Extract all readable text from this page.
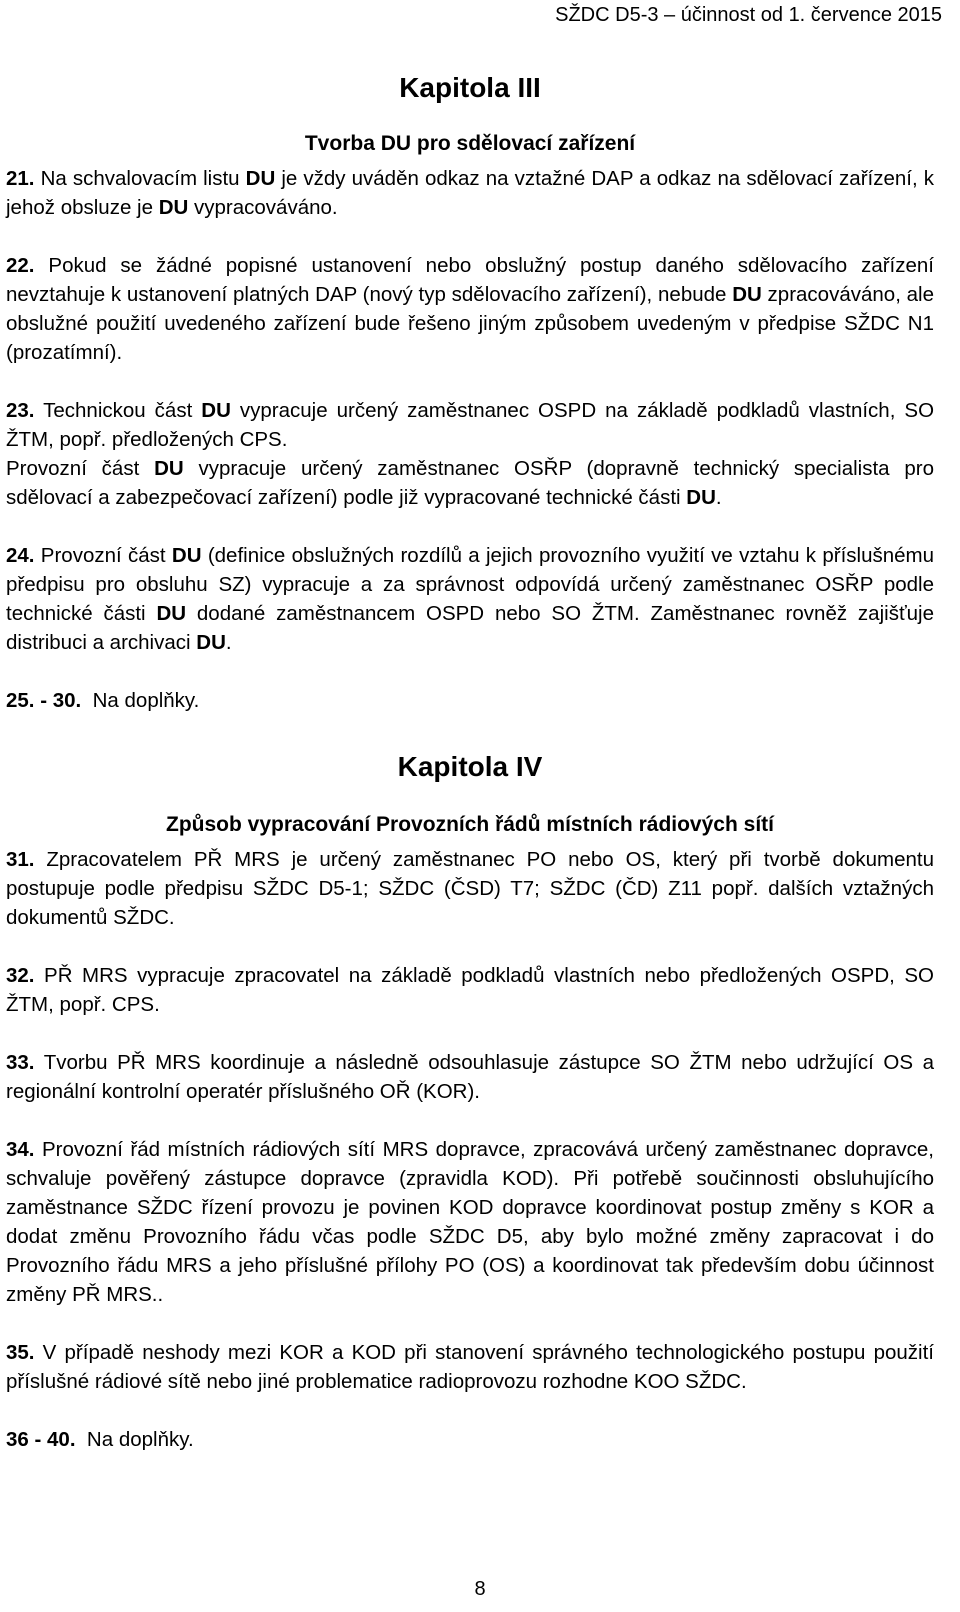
SŽDC D5-3 – účinnost od 1. července 2015
Kapitola III
Tvorba DU pro sdělovací zařízení

21. Na schvalovacím listu DU je vždy uváděn odkaz na vztažné DAP a odkaz na sdělovací zařízení, k jehož obsluze je DU vypracováváno.

22. Pokud se žádné popisné ustanovení nebo obslužný postup daného sdělovacího zařízení nevztahuje k ustanovení platných DAP (nový typ sdělovacího zařízení), nebude DU zpracováváno, ale obslužné použití uvedeného zařízení bude řešeno jiným způsobem uvedeným v předpise SŽDC N1 (prozatímní).

23. Technickou část DU vypracuje určený zaměstnanec OSPD na základě podkladů vlastních, SO ŽTM, popř. předložených CPS.

Provozní část DU vypracuje určený zaměstnanec OSŘP (dopravně technický specialista pro sdělovací a zabezpečovací zařízení) podle již vypracované technické části DU.

24. Provozní část DU (definice obslužných rozdílů a jejich provozního využití ve vztahu k příslušnému předpisu pro obsluhu SZ) vypracuje a za správnost odpovídá určený zaměstnanec OSŘP podle technické části DU dodané zaměstnancem OSPD nebo SO ŽTM. Zaměstnanec rovněž zajišťuje distribuci a archivaci DU.

25. - 30.  Na doplňky.

Kapitola IV
Způsob vypracování Provozních řádů místních rádiových sítí

31. Zpracovatelem PŘ MRS je určený zaměstnanec PO nebo OS, který při tvorbě dokumentu postupuje podle předpisu SŽDC D5-1; SŽDC (ČSD) T7; SŽDC (ČD) Z11 popř. dalších vztažných dokumentů SŽDC.

32. PŘ MRS vypracuje zpracovatel na základě podkladů vlastních nebo předložených OSPD, SO ŽTM, popř. CPS.

33. Tvorbu PŘ MRS koordinuje a následně odsouhlasuje zástupce SO ŽTM nebo udržující OS a regionální kontrolní operatér příslušného OŘ (KOR).

34. Provozní řád místních rádiových sítí MRS dopravce, zpracovává určený zaměstnanec dopravce, schvaluje pověřený zástupce dopravce (zpravidla KOD). Při potřebě součinnosti obsluhujícího zaměstnance SŽDC řízení provozu je povinen KOD dopravce koordinovat postup změny s KOR a dodat změnu Provozního řádu včas podle SŽDC D5, aby bylo možné změny zapracovat i do Provozního řádu MRS a jeho příslušné přílohy PO (OS) a koordinovat tak především dobu účinnost změny PŘ MRS..

35. V případě neshody mezi KOR a KOD při stanovení správného technologického postupu použití příslušné rádiové sítě nebo jiné problematice radioprovozu rozhodne KOO SŽDC.

36 - 40.  Na doplňky.

8
